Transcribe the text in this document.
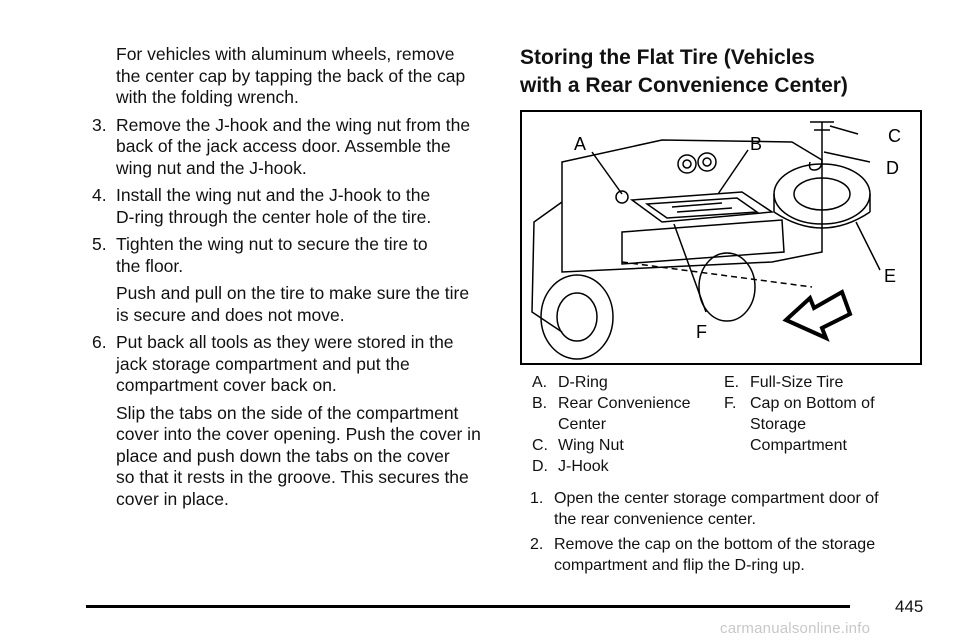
For vehicles with aluminum wheels, remove
the center cap by tapping the back of the cap
with the folding wrench.

3. Remove the J-hook and the wing nut from the
back of the jack access door. Assemble the
wing nut and the J-hook.
4. Install the wing nut and the J-hook to the
D-ring through the center hole of the tire.
5. Tighten the wing nut to secure the tire to
the floor.

Push and pull on the tire to make sure the tire
is secure and does not move.

6. Put back all tools as they were stored in the
jack storage compartment and put the
compartment cover back on.

Slip the tabs on the side of the compartment
cover into the cover opening. Push the cover in
place and push down the tabs on the cover
so that it rests in the groove. This secures the
cover in place.

Storing the Flat Tire (Vehicles
with a Rear Convenience Center)
A	B	C
D
E
F
A. D-Ring
B. Rear Convenience
Center
C. Wing Nut
D. J-Hook
E. Full-Size Tire
F. Cap on Bottom of
Storage
Compartment
1. Open the center storage compartment door of
the rear convenience center.
2. Remove the cap on the bottom of the storage
compartment and flip the D-ring up.
445
carmanualsonline.info
